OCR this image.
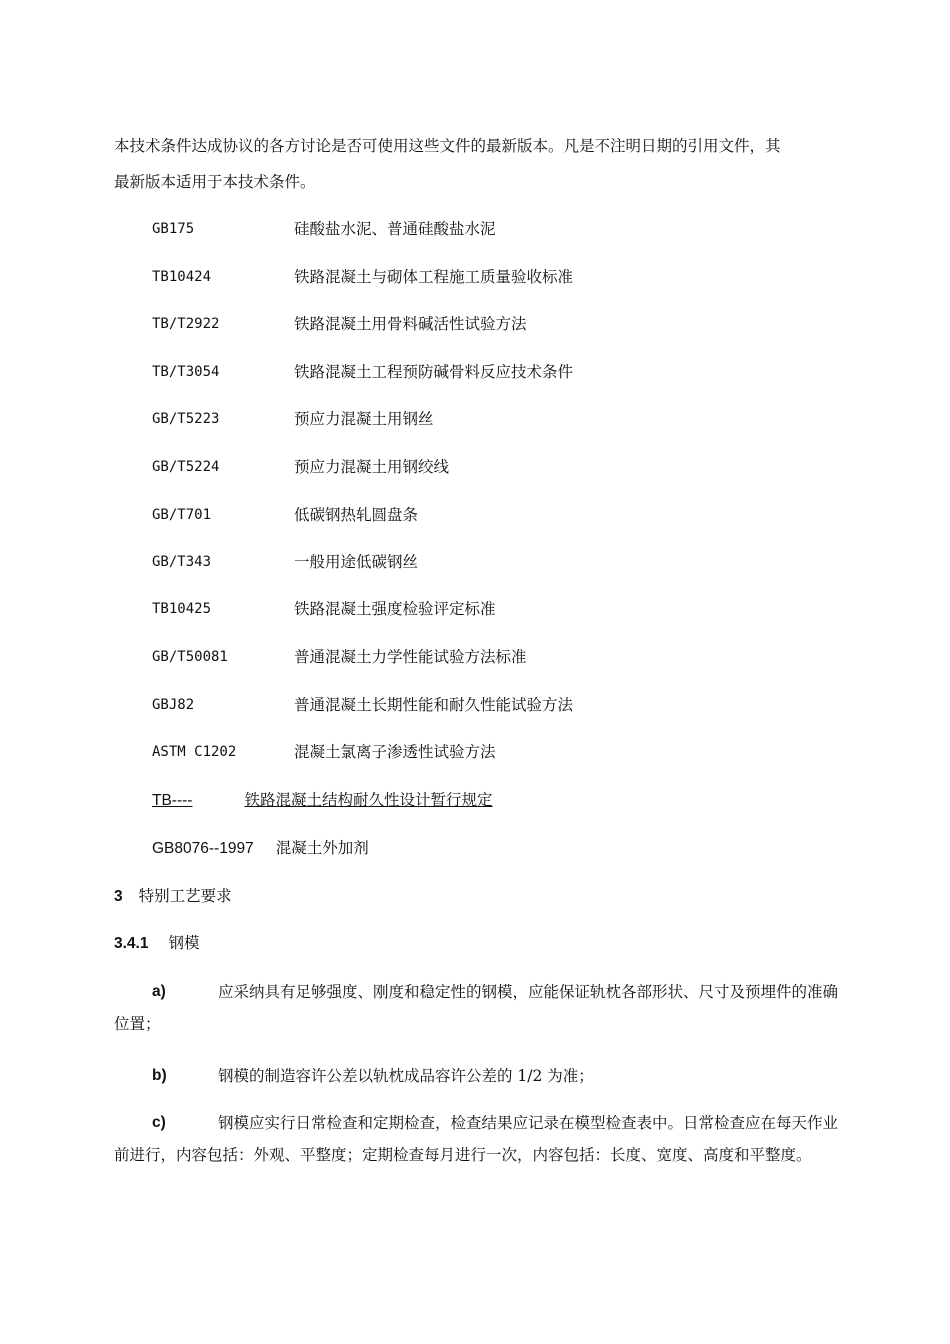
本技术条件达成协议的各方讨论是否可使用这些文件的最新版本。凡是不注明日期的引用文件，其
最新版本适用于本技术条件。
GB175	硅酸盐水泥、普通硅酸盐水泥
TB10424	铁路混凝土与砌体工程施工质量验收标准
TB/T2922	铁路混凝土用骨料碱活性试验方法
TB/T3054	铁路混凝土工程预防碱骨料反应技术条件
GB/T5223	预应力混凝土用钢丝
GB/T5224	预应力混凝土用钢绞线
GB/T701	低碳钢热轧圆盘条
GB/T343	一般用途低碳钢丝
TB10425	铁路混凝土强度检验评定标准
GB/T50081	普通混凝土力学性能试验方法标准
GBJ82	普通混凝土长期性能和耐久性能试验方法
ASTM C1202	混凝土氯离子渗透性试验方法
TB----	铁路混凝土结构耐久性设计暂行规定
GB8076--1997 混凝土外加剂
3 特别工艺要求
3.4.1 钢模
a)	应采纳具有足够强度、刚度和稳定性的钢模，应能保证轨枕各部形状、尺寸及预埋件的准确位置；

b)	钢模的制造容许公差以轨枕成品容许公差的 1/2 为准；

c)	钢模应实行日常检查和定期检查，检查结果应记录在模型检查表中。日常检查应在每天作业前进行，内容包括：外观、平整度；定期检查每月进行一次，内容包括：长度、宽度、高度和平整度。
